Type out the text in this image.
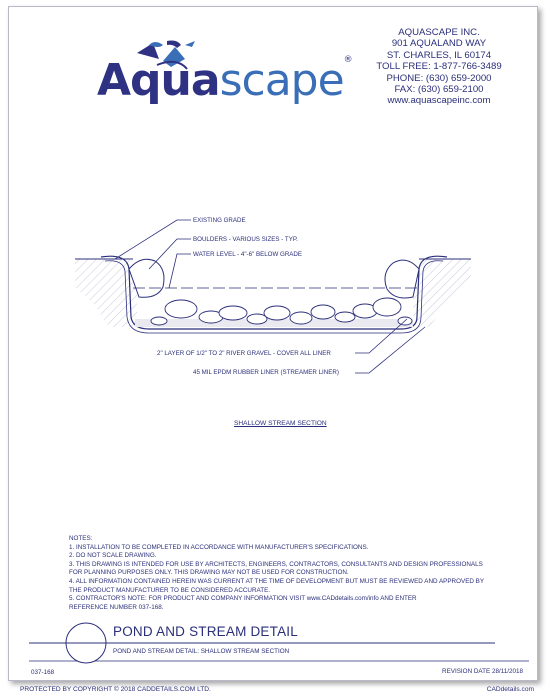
AQUASCAPE INC.
901 AQUALAND WAY
ST. CHARLES, IL 60174
TOLL FREE: 1-877-766-3489
PHONE: (630) 659-2000
FAX: (630) 659-2100
www.aquascapeinc.com
Aquascape®
EXISTING GRADE
BOULDERS - VARIOUS SIZES - TYP.
WATER LEVEL - 4"-6" BELOW GRADE
2" LAYER OF 1/2" TO 2" RIVER GRAVEL - COVER ALL LINER
45 MIL EPDM RUBBER LINER (STREAMER LINER)
SHALLOW STREAM SECTION
NOTES:
1. INSTALLATION TO BE COMPLETED IN ACCORDANCE WITH MANUFACTURER'S SPECIFICATIONS.
2. DO NOT SCALE DRAWING.
3. THIS DRAWING IS INTENDED FOR USE BY ARCHITECTS, ENGINEERS, CONTRACTORS, CONSULTANTS AND DESIGN PROFESSIONALS
FOR PLANNING PURPOSES ONLY. THIS DRAWING MAY NOT BE USED FOR CONSTRUCTION.
4. ALL INFORMATION CONTAINED HEREIN WAS CURRENT AT THE TIME OF DEVELOPMENT BUT MUST BE REVIEWED AND APPROVED BY
THE PRODUCT MANUFACTURER TO BE CONSIDERED ACCURATE.
5. CONTRACTOR'S NOTE: FOR PRODUCT AND COMPANY INFORMATION VISIT www.CADdetails.com/info AND ENTER
REFERENCE NUMBER 037-168.
POND AND STREAM DETAIL
POND AND STREAM DETAIL: SHALLOW STREAM SECTION
037-168	REVISION DATE 28/11/2018
PROTECTED BY COPYRIGHT © 2018 CADDETAILS.COM LTD.	CADdetails.com
